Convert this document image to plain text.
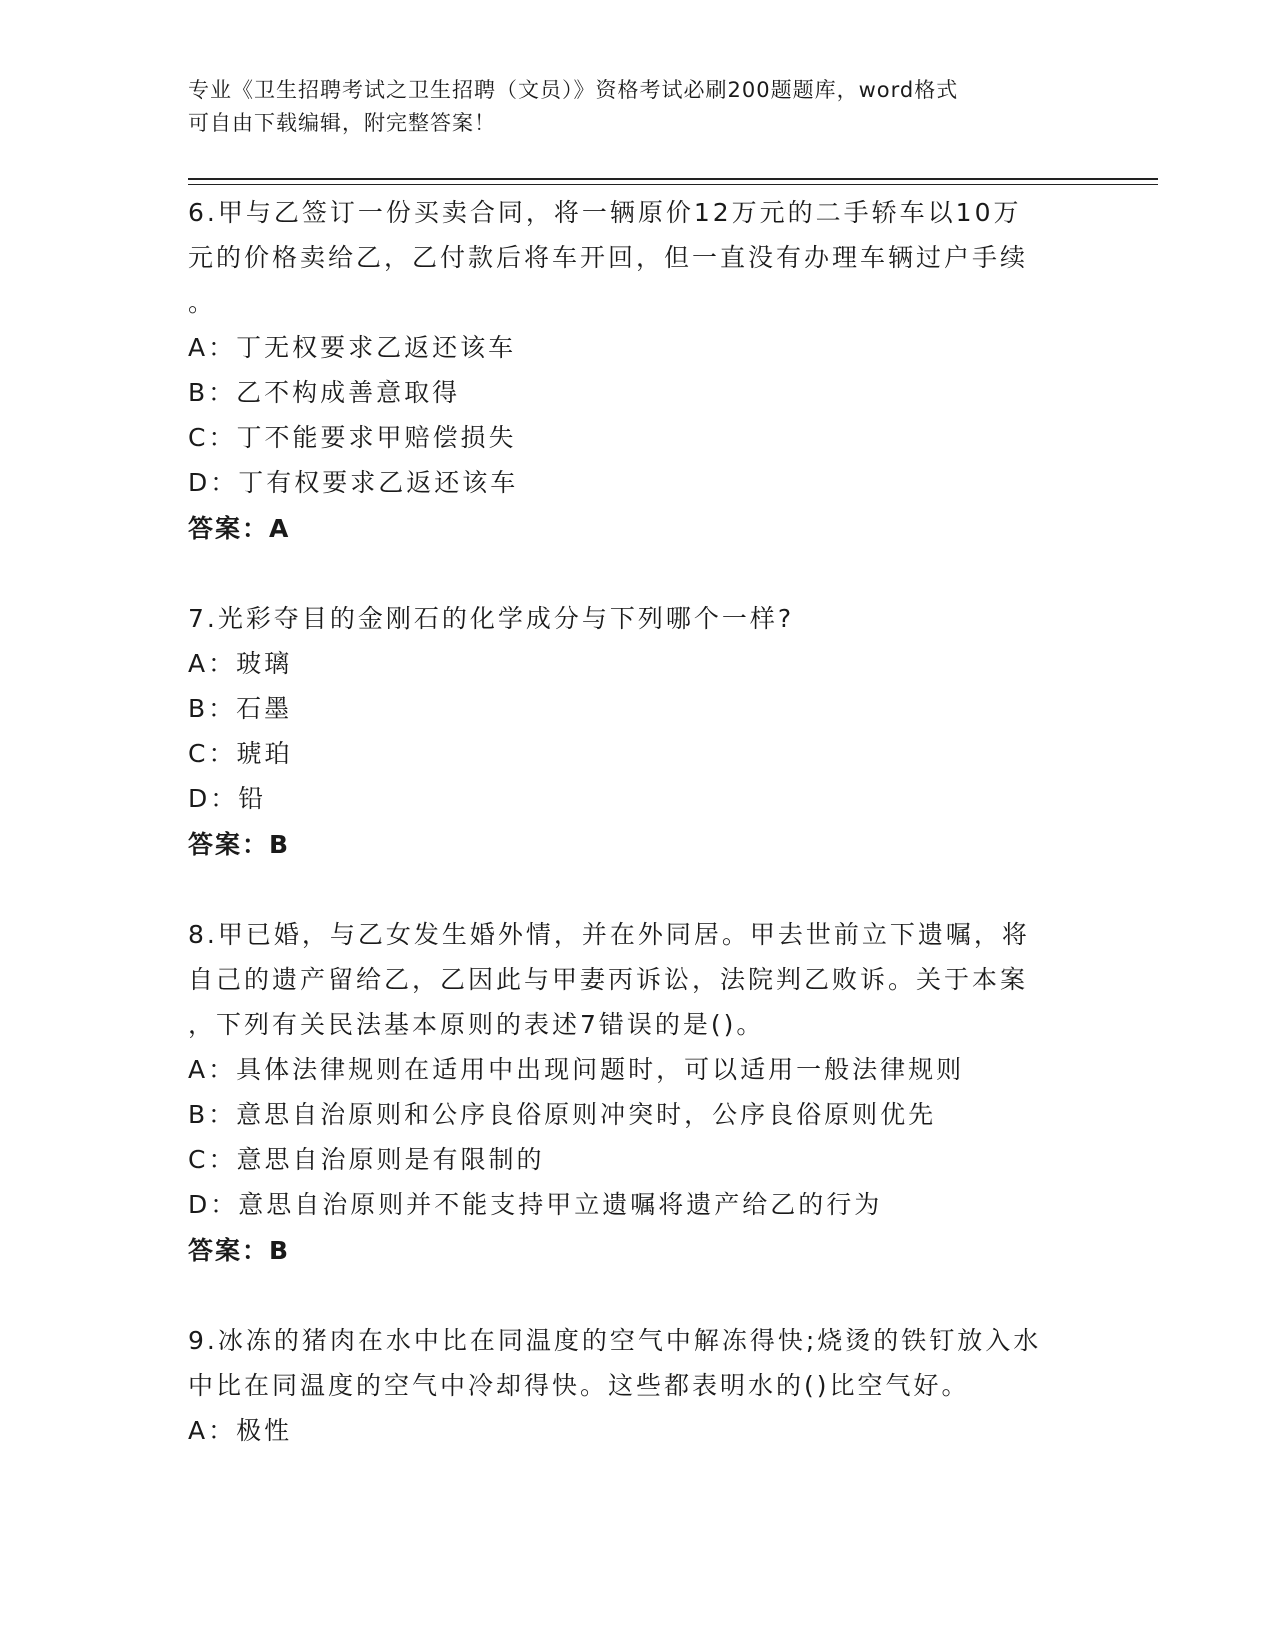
专业《卫生招聘考试之卫生招聘（文员）》资格考试必刷200题题库，word格式
可自由下载编辑，附完整答案！
6.甲与乙签订一份买卖合同，将一辆原价12万元的二手轿车以10万
元的价格卖给乙，乙付款后将车开回，但一直没有办理车辆过户手续
。
A：丁无权要求乙返还该车
B：乙不构成善意取得
C：丁不能要求甲赔偿损失
D：丁有权要求乙返还该车
答案：A
7.光彩夺目的金刚石的化学成分与下列哪个一样?
A：玻璃
B：石墨
C：琥珀
D：铅
答案：B
8.甲已婚，与乙女发生婚外情，并在外同居。甲去世前立下遗嘱，将
自己的遗产留给乙，乙因此与甲妻丙诉讼，法院判乙败诉。关于本案
，下列有关民法基本原则的表述7错误的是()。
A：具体法律规则在适用中出现问题时，可以适用一般法律规则
B：意思自治原则和公序良俗原则冲突时，公序良俗原则优先
C：意思自治原则是有限制的
D：意思自治原则并不能支持甲立遗嘱将遗产给乙的行为
答案：B
9.冰冻的猪肉在水中比在同温度的空气中解冻得快;烧烫的铁钉放入水
中比在同温度的空气中冷却得快。这些都表明水的()比空气好。
A：极性
